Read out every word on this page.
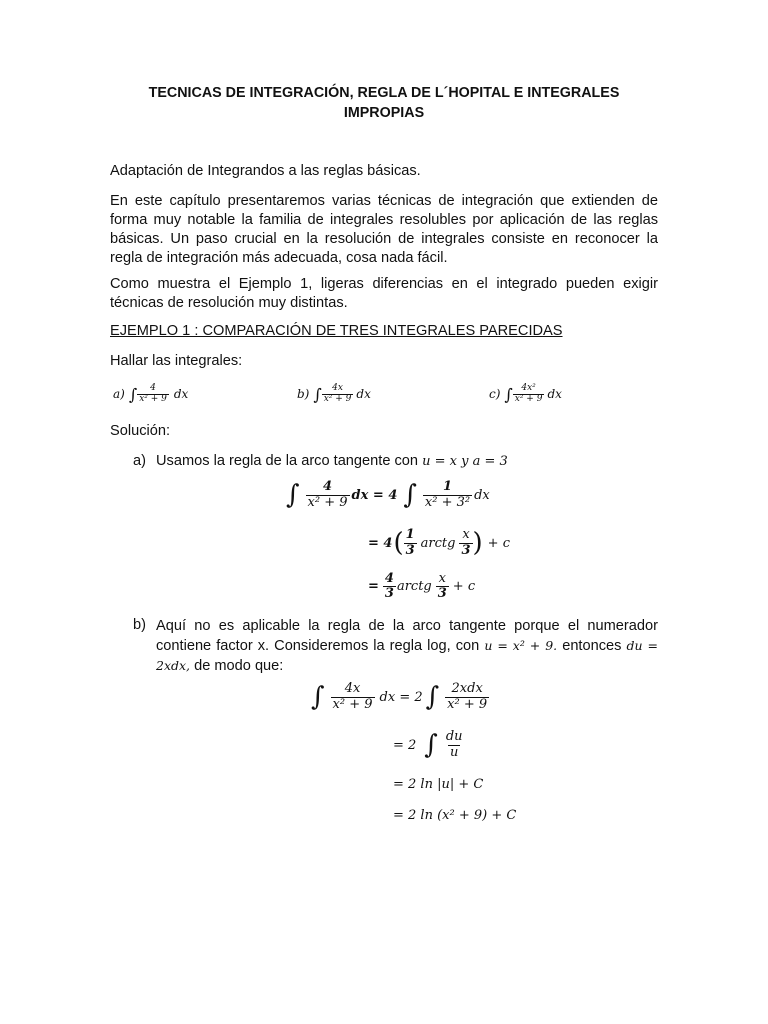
TECNICAS DE INTEGRACIÓN, REGLA DE L´HOPITAL E INTEGRALES
IMPROPIAS
Adaptación de Integrandos a las reglas básicas.
En este capítulo presentaremos varias técnicas de integración que extienden de forma muy notable la familia de integrales resolubles por aplicación de las reglas básicas. Un paso crucial en la resolución de integrales consiste en reconocer la regla de integración más adecuada, cosa nada fácil.
Como muestra el Ejemplo 1, ligeras diferencias en el integrado pueden exigir técnicas de resolución muy distintas.
EJEMPLO 1 : COMPARACIÓN DE TRES INTEGRALES PARECIDAS
Hallar las integrales:
a) ∫ $\frac{4}{\text{x² + 9}}$ dx	b) ∫ $\frac{4x}{\text{x² + 9}}$ dx	c) ∫ $\frac{\text{4x²}}{\text{x² + 9}}$ dx
Solución:
a) Usamos la regla de la arco tangente con u = x y a = 3
∫ $\frac{4}{\text{x² + 9}}$ dx = 4 ∫ $\frac{1}{\text{x² + 3²}}$ dx
= 4 ( $\frac{1}{3}$ arctg $\frac{x}{3}$ ) + c
= $\frac{4}{3}$ arctg $\frac{x}{3} + c$
b) Aquí no es aplicable la regla de la arco tangente porque el numerador contiene factor x. Consideremos la regla log, con u = x² + 9. entonces du = 2xdx, de modo que:
∫ $\frac{4x}{\text{x² + 9}}$ dx = 2 ∫ $\frac{\text{2xdx}}{\text{x² + 9}}$
= 2 ∫ $\frac{du}{u}$
= 2 ln |u| + C
= 2 ln (x² + 9) + C
